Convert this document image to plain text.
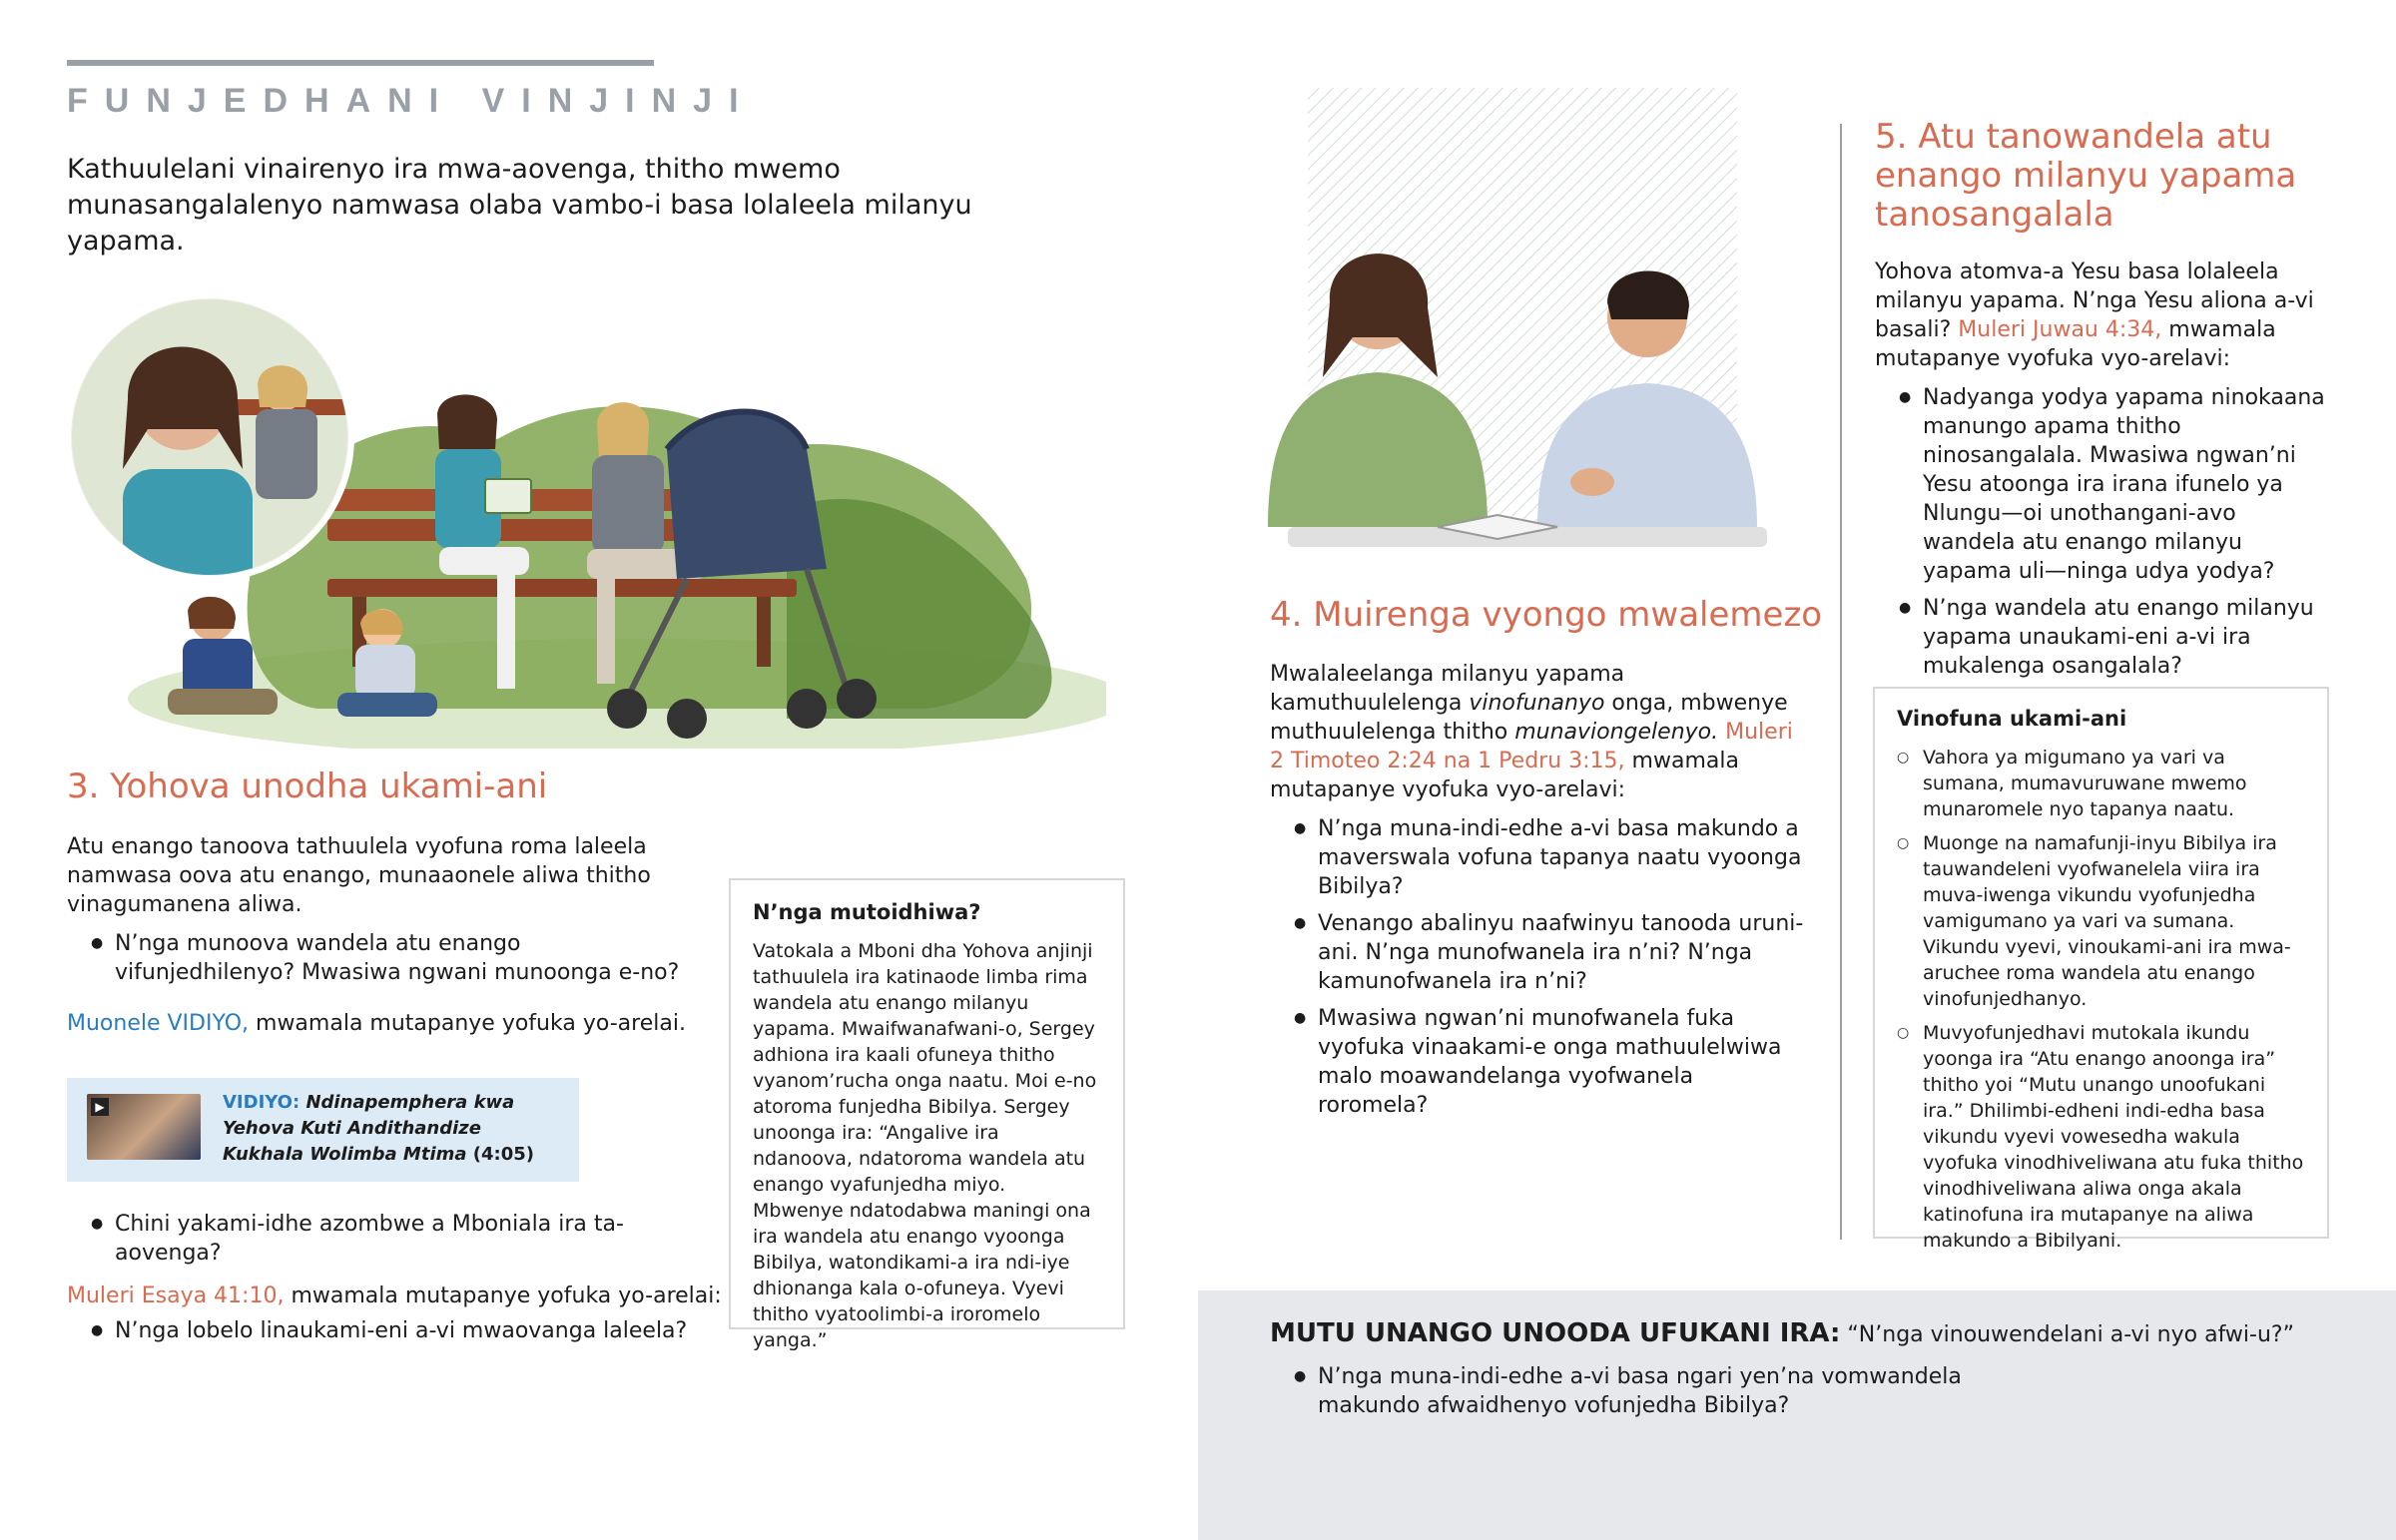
FUNJEDHANI VINJINJI
Kathuulelani vinairenyo ira mwa-aovenga, thitho mwemo munasangalalenyo namwasa olaba vambo-i basa lolaleela milanyu yapama.
3. Yohova unodha ukami-ani
Atu enango tanoova tathuulela vyofuna roma laleela namwasa oova atu enango, munaaonele aliwa thitho vinagumanena aliwa.
● N’nga munoova wandela atu enango vifunjedhilenyo? Mwasiwa ngwani munoonga e-no?
Muonele VIDIYO, mwamala mutapanye yofuka yo-arelai.
▶	VIDIYO: Ndinapemphera kwa Yehova Kuti Andithandize Kukhala Wolimba Mtima (4:05)
● Chini yakami-idhe azombwe a Mboniala ira ta-aovenga?
Muleri Esaya 41:10, mwamala mutapanye yofuka yo-arelai:
● N’nga lobelo linaukami-eni a-vi mwaovanga laleela?
N’nga mutoidhiwa?
Vatokala a Mboni dha Yohova anjinji tathuulela ira katinaode limba rima wandela atu enango milanyu yapama. Mwaifwanafwani-o, Sergey adhiona ira kaali ofuneya thitho vyanom’rucha onga naatu. Moi e-no atoroma funjedha Bibilya. Sergey unoonga ira: “Angalive ira ndanoova, ndatoroma wandela atu enango vyafunjedha miyo. Mbwenye ndatodabwa maningi ona ira wandela atu enango vyoonga Bibilya, watondikami-a ira ndi-iye dhionanga kala o-ofuneya. Vyevi thitho vyatoolimbi-a iroromelo yanga.”
4. Muirenga vyongo mwalemezo
Mwalaleelanga milanyu yapama kamuthuulelenga vinofunanyo onga, mbwenye muthuulelenga thitho munaviongelenyo. Muleri 2 Timoteo 2:24 na 1 Pedru 3:15, mwamala mutapanye vyofuka vyo-arelavi:
● N’nga muna-indi-edhe a-vi basa makundo a maverswala vofuna tapanya naatu vyoonga Bibilya?
● Venango abalinyu naafwinyu tanooda uruni-ani. N’nga munofwanela ira n’ni? N’nga kamunofwanela ira n’ni?
● Mwasiwa ngwan’ni munofwanela fuka vyofuka vinaakami-e onga mathuulelwiwa malo moawandelanga vyofwanela roromela?
5. Atu tanowandela atu enango milanyu yapama tanosangalala
Yohova atomva-a Yesu basa lolaleela milanyu yapama. N’nga Yesu aliona a-vi basali? Muleri Juwau 4:34, mwamala mutapanye vyofuka vyo-arelavi:
● Nadyanga yodya yapama ninokaana manungo apama thitho ninosangalala. Mwasiwa ngwan’ni Yesu atoonga ira irana ifunelo ya Nlungu—oi unothangani-avo wandela atu enango milanyu yapama uli—ninga udya yodya?
● N’nga wandela atu enango milanyu yapama unaukami-eni a-vi ira mukalenga osangalala?
Vinofuna ukami-ani
○ Vahora ya migumano ya vari va sumana, mumavuruwane mwemo munaromele nyo tapanya naatu.
○ Muonge na namafunji-inyu Bibilya ira tauwandeleni vyofwanelela viira ira muva-iwenga vikundu vyofunjedha vamigumano ya vari va sumana. Vikundu vyevi, vinoukami-ani ira mwa-aruchee roma wandela atu enango vinofunjedhanyo.
○ Muvyofunjedhavi mutokala ikundu yoonga ira “Atu enango anoonga ira” thitho yoi “Mutu unango unoofukani ira.” Dhilimbi-edheni indi-edha basa vikundu vyevi vowesedha wakula vyofuka vinodhiveliwana atu fuka thitho vinodhiveliwana aliwa onga akala katinofuna ira mutapanye na aliwa makundo a Bibilyani.
MUTU UNANGO UNOODA UFUKANI IRA: “N’nga vinouwendelani a-vi nyo afwi-u?”
● N’nga muna-indi-edhe a-vi basa ngari yen’na vomwandela makundo afwaidhenyo vofunjedha Bibilya?
